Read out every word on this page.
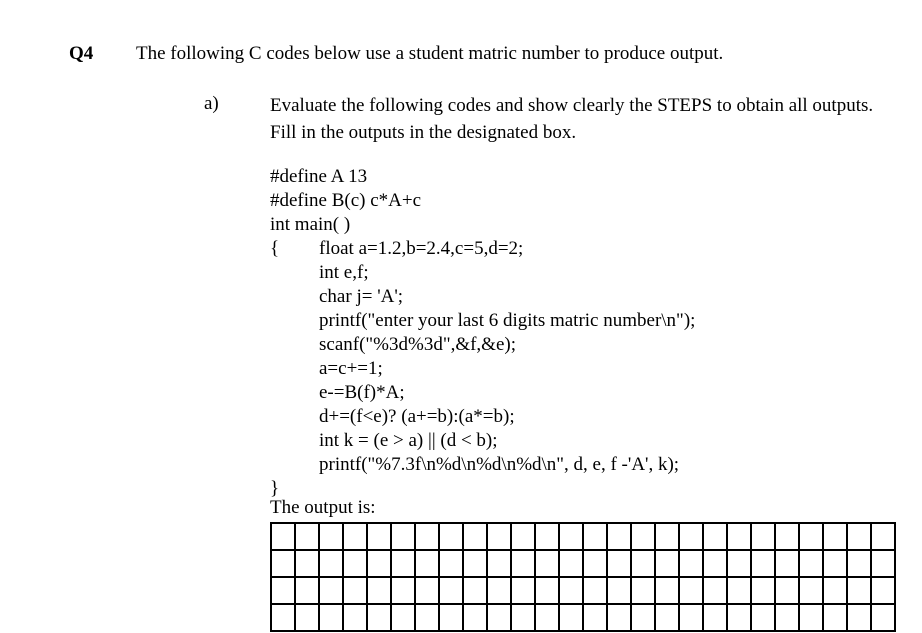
Q4 The following C codes below use a student matric number to produce output.
a)	Evaluate the following codes and show clearly the STEPS to obtain all outputs. Fill in the outputs in the designated box.
#define A 13
#define B(c) c*A+c
int main( )
{ float a=1.2,b=2.4,c=5,d=2;
int e,f;
char j= 'A';
printf("enter your last 6 digits matric number\n");
scanf("%3d%3d",&f,&e);
a=c+=1;
e-=B(f)*A;
d+=(f<e)? (a+=b):(a*=b);
int k = (e > a) || (d < b);
printf("%7.3f\n%d\n%d\n%d\n", d, e, f -'A', k);
}
The output is:
